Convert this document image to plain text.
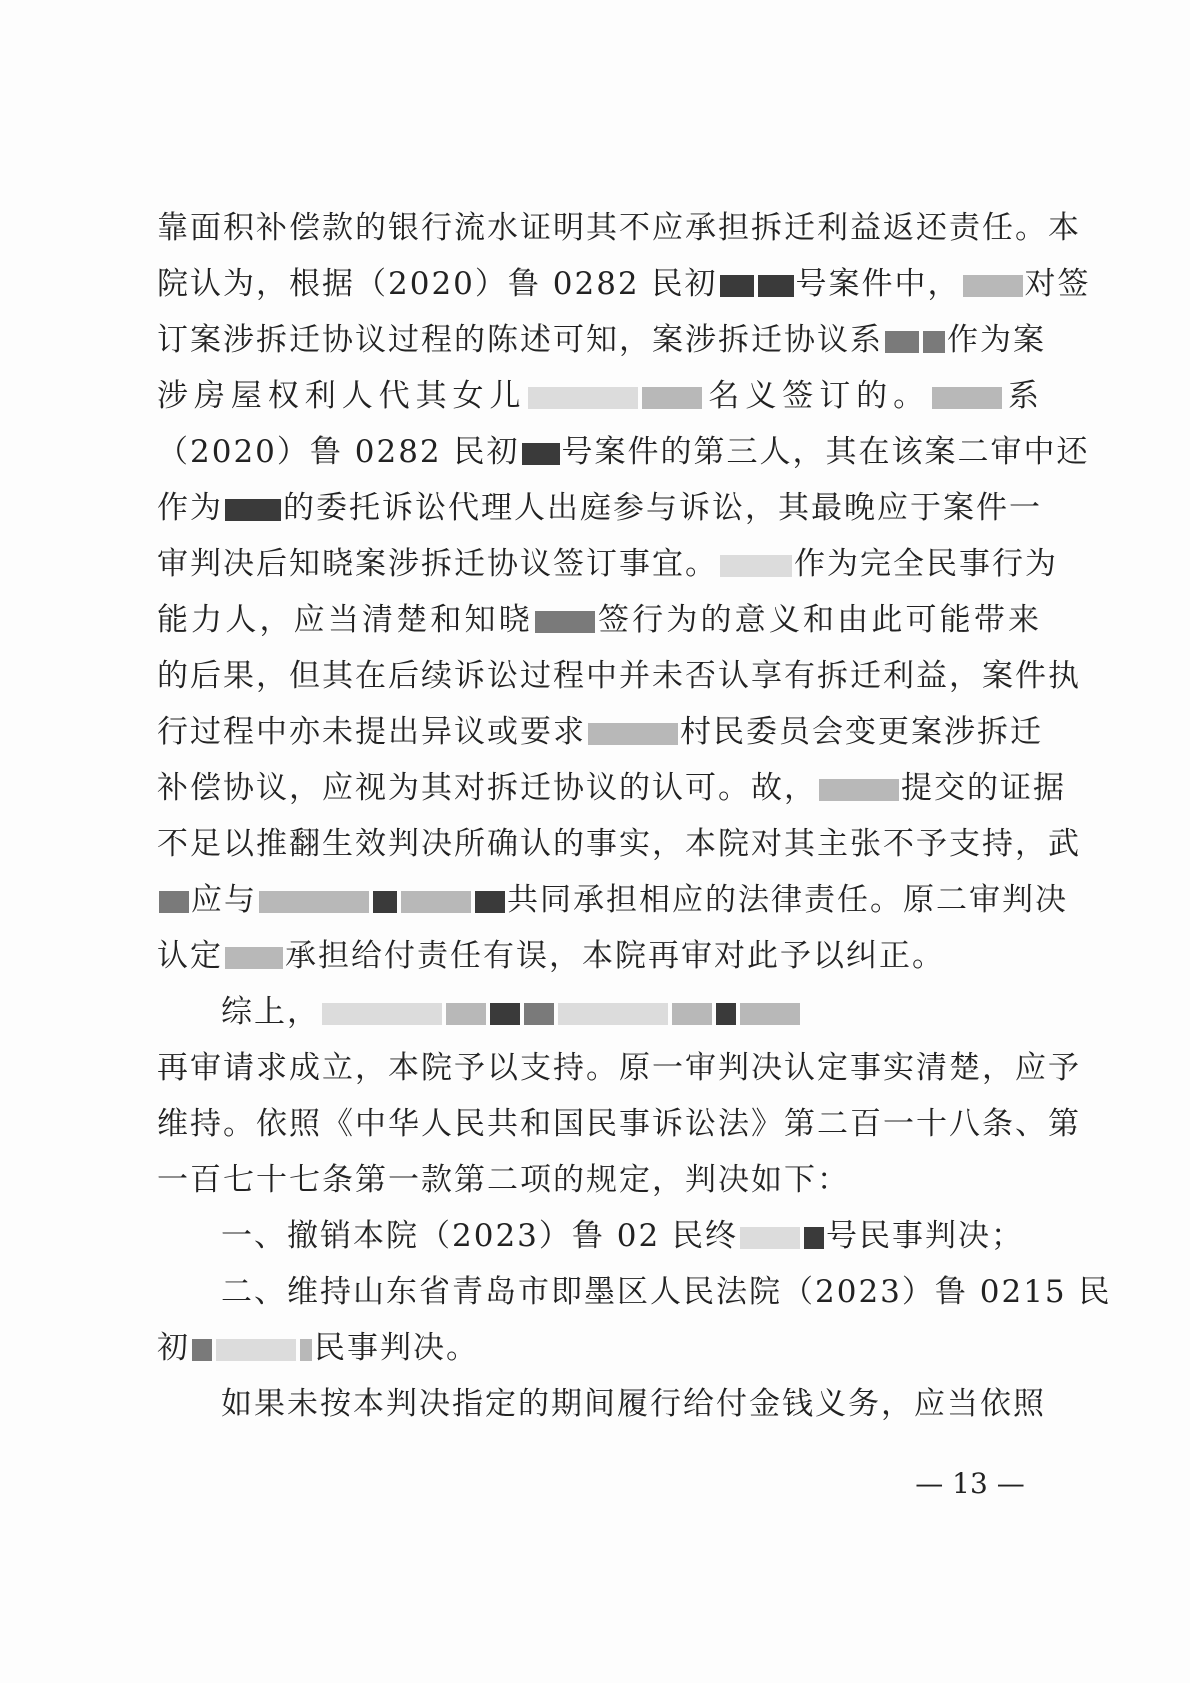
靠面积补偿款的银行流水证明其不应承担拆迁利益返还责任。本
院认为，根据（2020）鲁 0282 民初	号案件中， 对签
订案涉拆迁协议过程的陈述可知，案涉拆迁协议系 作为案
涉房屋权利人代其女儿	名义签订的。 系
（2020）鲁 0282 民初 号案件的第三人，其在该案二审中还
作为 的委托诉讼代理人出庭参与诉讼，其最晚应于案件一
审判决后知晓案涉拆迁协议签订事宜。 作为完全民事行为
能力人，应当清楚和知晓 签行为的意义和由此可能带来
的后果，但其在后续诉讼过程中并未否认享有拆迁利益，案件执
行过程中亦未提出异议或要求	村民委员会变更案涉拆迁
补偿协议，应视为其对拆迁协议的认可。故，	提交的证据
不足以推翻生效判决所确认的事实，本院对其主张不予支持，武
应与	共同承担相应的法律责任。原二审判决
认定 承担给付责任有误，本院再审对此予以纠正。
综上，
再审请求成立，本院予以支持。原一审判决认定事实清楚，应予
维持。依照《中华人民共和国民事诉讼法》第二百一十八条、第
一百七十七条第一款第二项的规定，判决如下：
一、撤销本院（2023）鲁 02 民终	号民事判决；
二、维持山东省青岛市即墨区人民法院（2023）鲁 0215 民
初	民事判决。
如果未按本判决指定的期间履行给付金钱义务，应当依照
— 13 —
